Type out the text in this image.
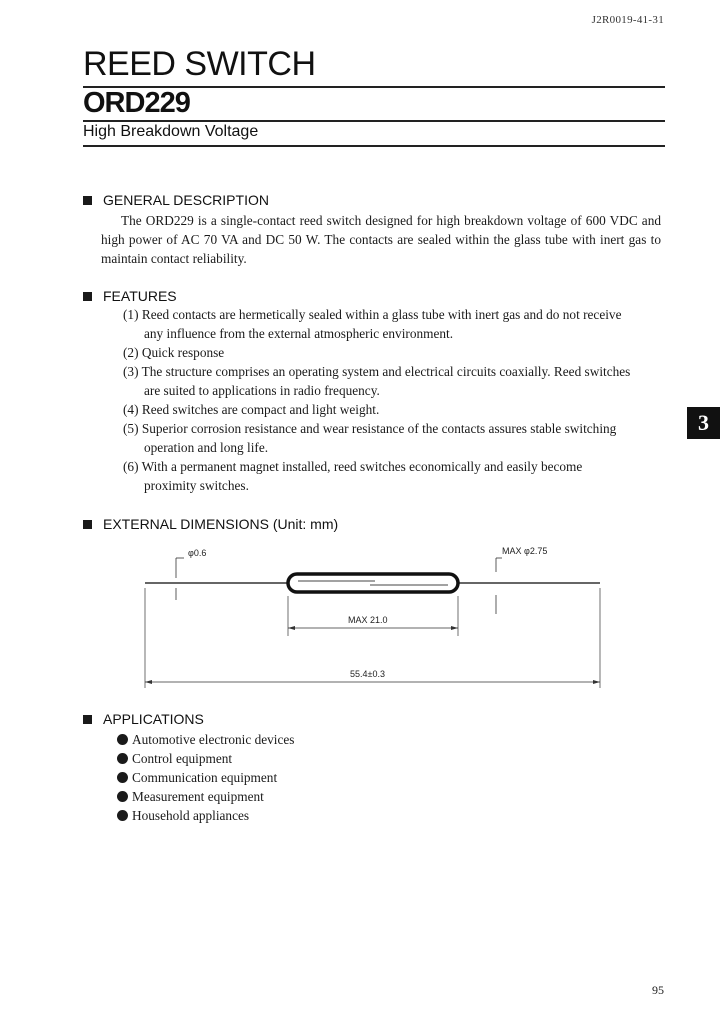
J2R0019-41-31
REED SWITCH
ORD229
High Breakdown Voltage
GENERAL DESCRIPTION
The ORD229 is a single-contact reed switch designed for high breakdown voltage of 600 VDC and high power of AC 70 VA and DC 50 W. The contacts are sealed within the glass tube with inert gas to maintain contact reliability.
FEATURES
(1) Reed contacts are hermetically sealed within a glass tube with inert gas and do not receive
any influence from the external atmospheric environment.
(2) Quick response
(3) The structure comprises an operating system and electrical circuits coaxially. Reed switches
are suited to applications in radio frequency.
(4) Reed switches are compact and light weight.
(5) Superior corrosion resistance and wear resistance of the contacts assures stable switching
operation and long life.
(6) With a permanent magnet installed, reed switches economically and easily become
proximity switches.
EXTERNAL DIMENSIONS (Unit: mm)
φ0.6	MAX φ2.75
MAX 21.0
55.4±0.3
APPLICATIONS
Automotive electronic devices
Control equipment
Communication equipment
Measurement equipment
Household appliances
3
95
